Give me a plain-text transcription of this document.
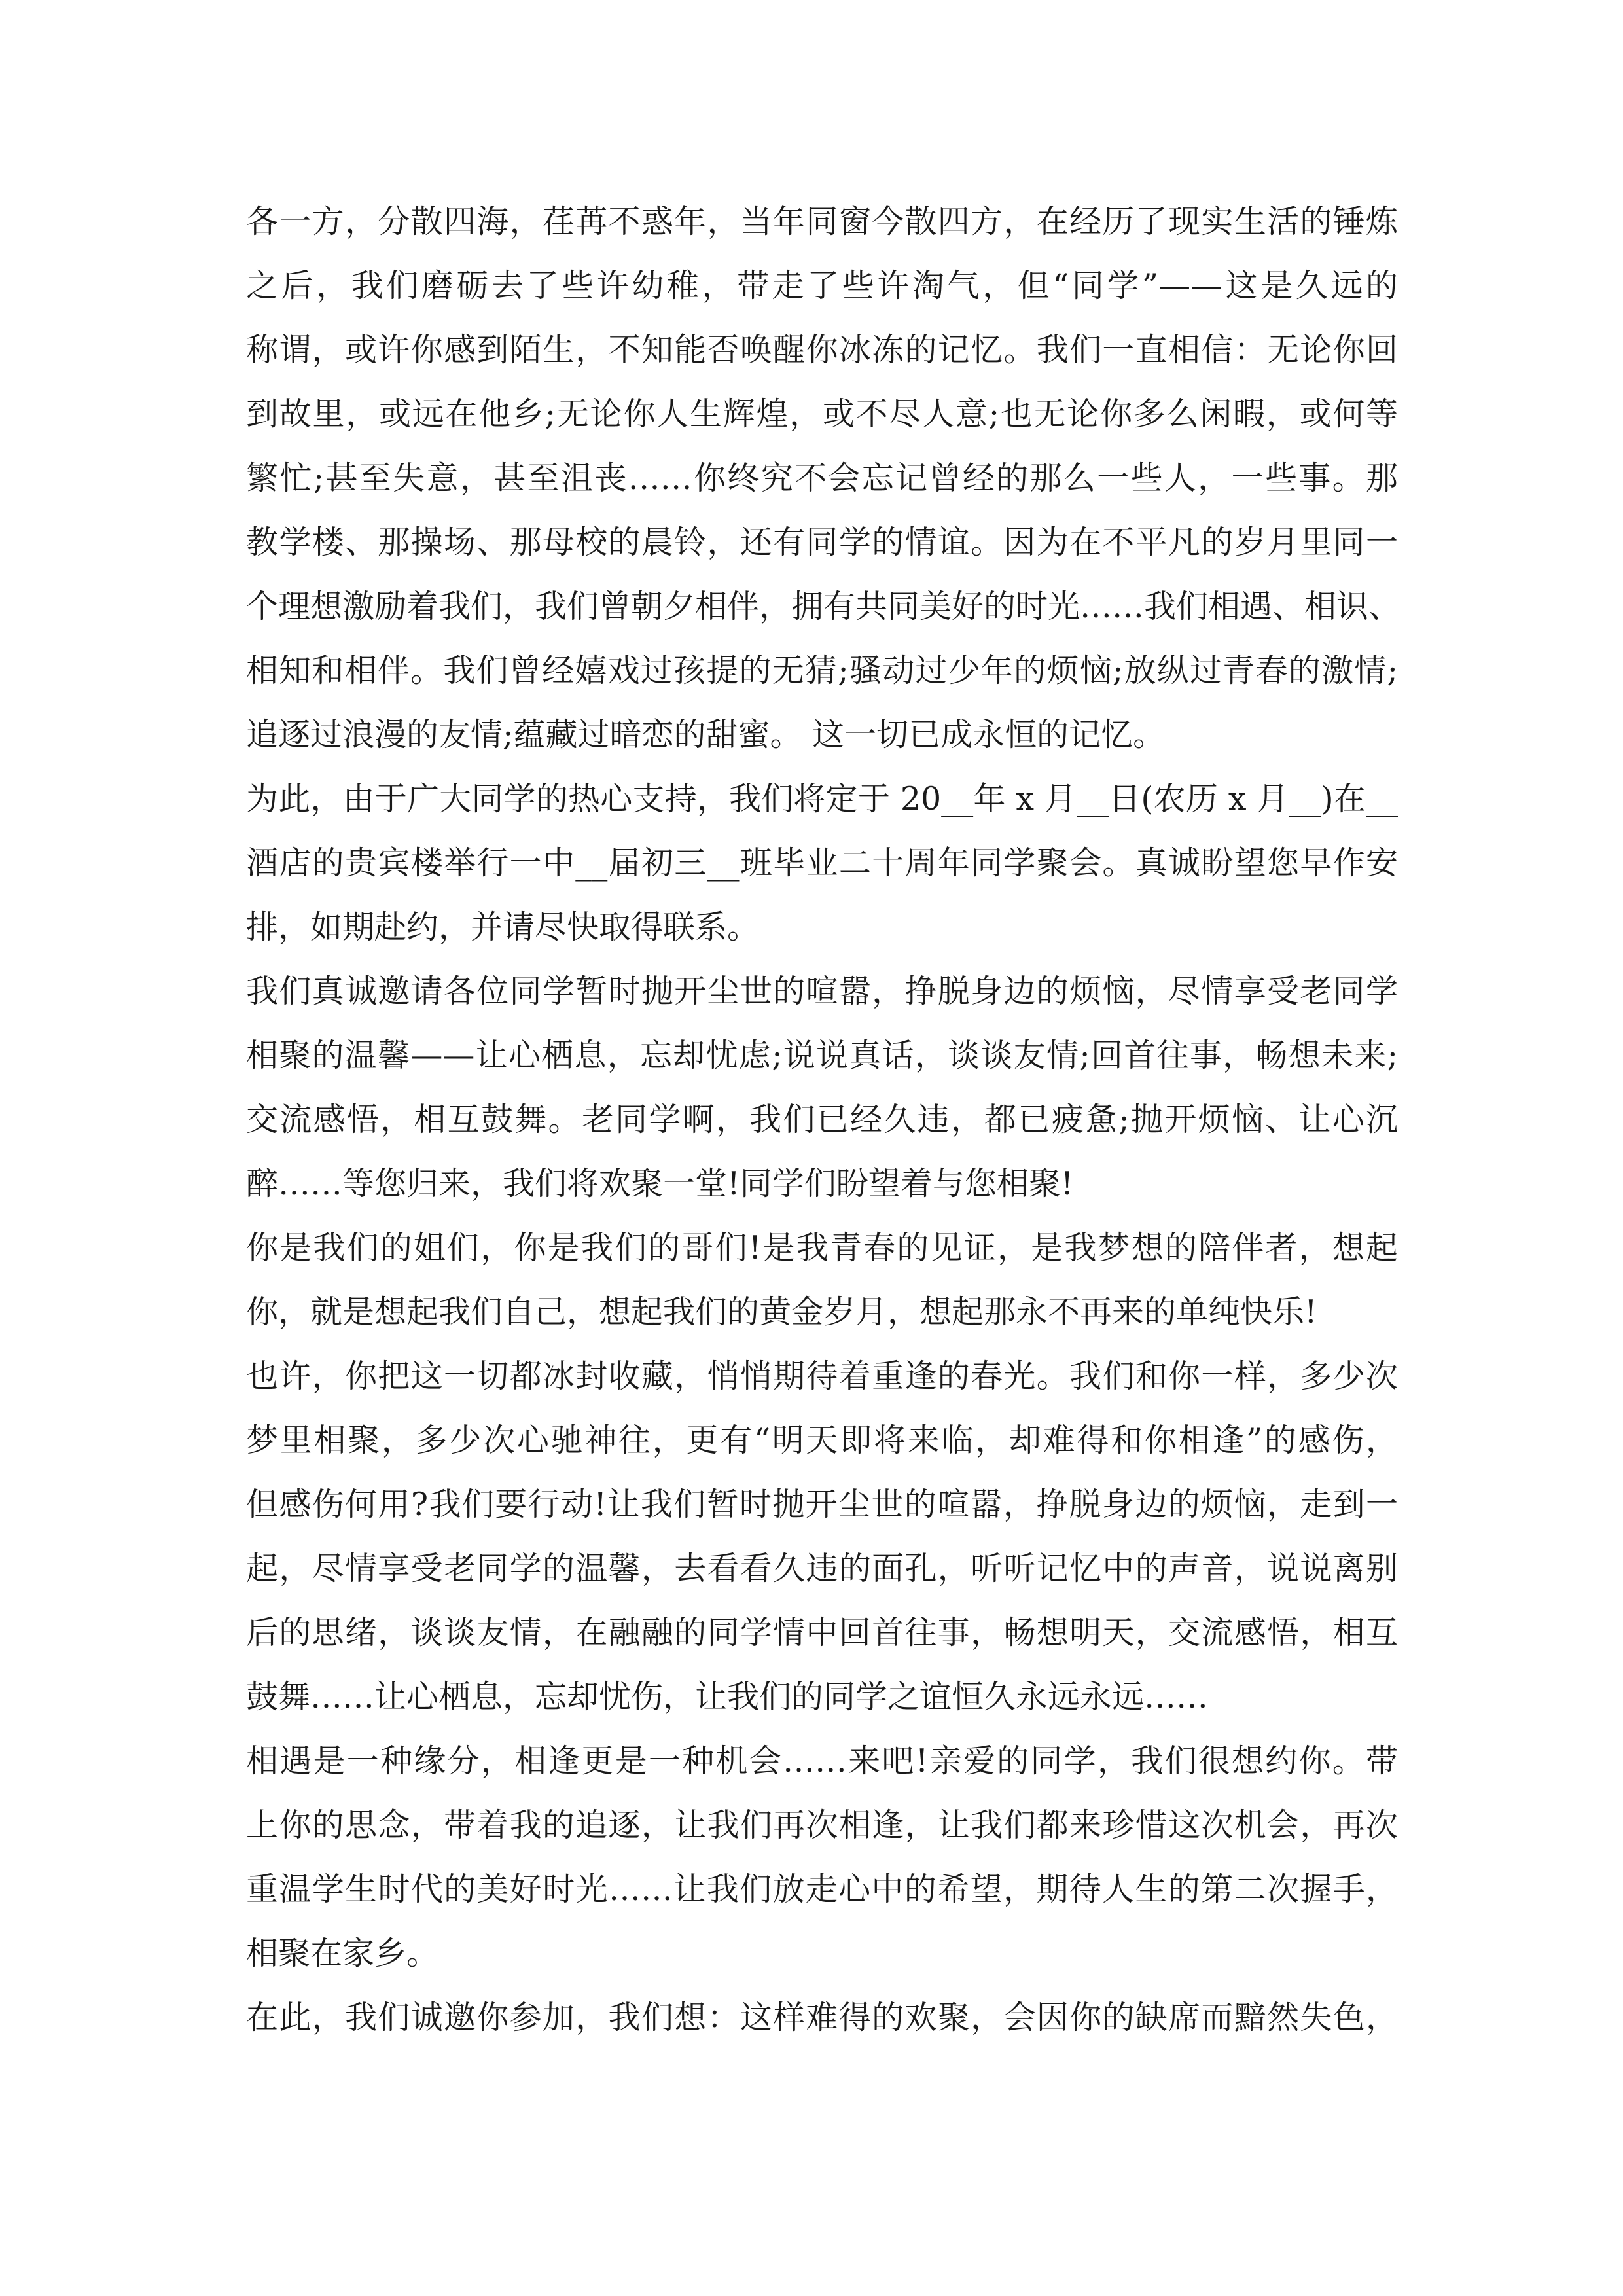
各一方，分散四海，荏苒不惑年，当年同窗今散四方，在经历了现实生活的锤炼
之后，我们磨砺去了些许幼稚，带走了些许淘气，但“同学”——这是久远的
称谓，或许你感到陌生，不知能否唤醒你冰冻的记忆。我们一直相信：无论你回
到故里，或远在他乡;无论你人生辉煌，或不尽人意;也无论你多么闲暇，或何等
繁忙;甚至失意，甚至沮丧……你终究不会忘记曾经的那么一些人，一些事。那
教学楼、那操场、那母校的晨铃，还有同学的情谊。因为在不平凡的岁月里同一
个理想激励着我们，我们曾朝夕相伴，拥有共同美好的时光……我们相遇、相识、
相知和相伴。我们曾经嬉戏过孩提的无猜;骚动过少年的烦恼;放纵过青春的激情;
追逐过浪漫的友情;蕴藏过暗恋的甜蜜。 这一切已成永恒的记忆。
为此，由于广大同学的热心支持，我们将定于 20__年 x 月__日(农历 x 月__)在__
酒店的贵宾楼举行一中__届初三__班毕业二十周年同学聚会。真诚盼望您早作安
排，如期赴约，并请尽快取得联系。
我们真诚邀请各位同学暂时抛开尘世的喧嚣，挣脱身边的烦恼，尽情享受老同学
相聚的温馨——让心栖息，忘却忧虑;说说真话，谈谈友情;回首往事，畅想未来;
交流感悟，相互鼓舞。老同学啊，我们已经久违，都已疲惫;抛开烦恼、让心沉
醉……等您归来，我们将欢聚一堂!同学们盼望着与您相聚!
你是我们的姐们，你是我们的哥们!是我青春的见证，是我梦想的陪伴者，想起
你，就是想起我们自己，想起我们的黄金岁月，想起那永不再来的单纯快乐!
也许，你把这一切都冰封收藏，悄悄期待着重逢的春光。我们和你一样，多少次
梦里相聚，多少次心驰神往，更有“明天即将来临，却难得和你相逢”的感伤，
但感伤何用?我们要行动!让我们暂时抛开尘世的喧嚣，挣脱身边的烦恼，走到一
起，尽情享受老同学的温馨，去看看久违的面孔，听听记忆中的声音，说说离别
后的思绪，谈谈友情，在融融的同学情中回首往事，畅想明天，交流感悟，相互
鼓舞……让心栖息，忘却忧伤，让我们的同学之谊恒久永远永远……
相遇是一种缘分，相逢更是一种机会……来吧!亲爱的同学，我们很想约你。带
上你的思念，带着我的追逐，让我们再次相逢，让我们都来珍惜这次机会，再次
重温学生时代的美好时光……让我们放走心中的希望，期待人生的第二次握手，
相聚在家乡。
在此，我们诚邀你参加，我们想：这样难得的欢聚，会因你的缺席而黯然失色，
